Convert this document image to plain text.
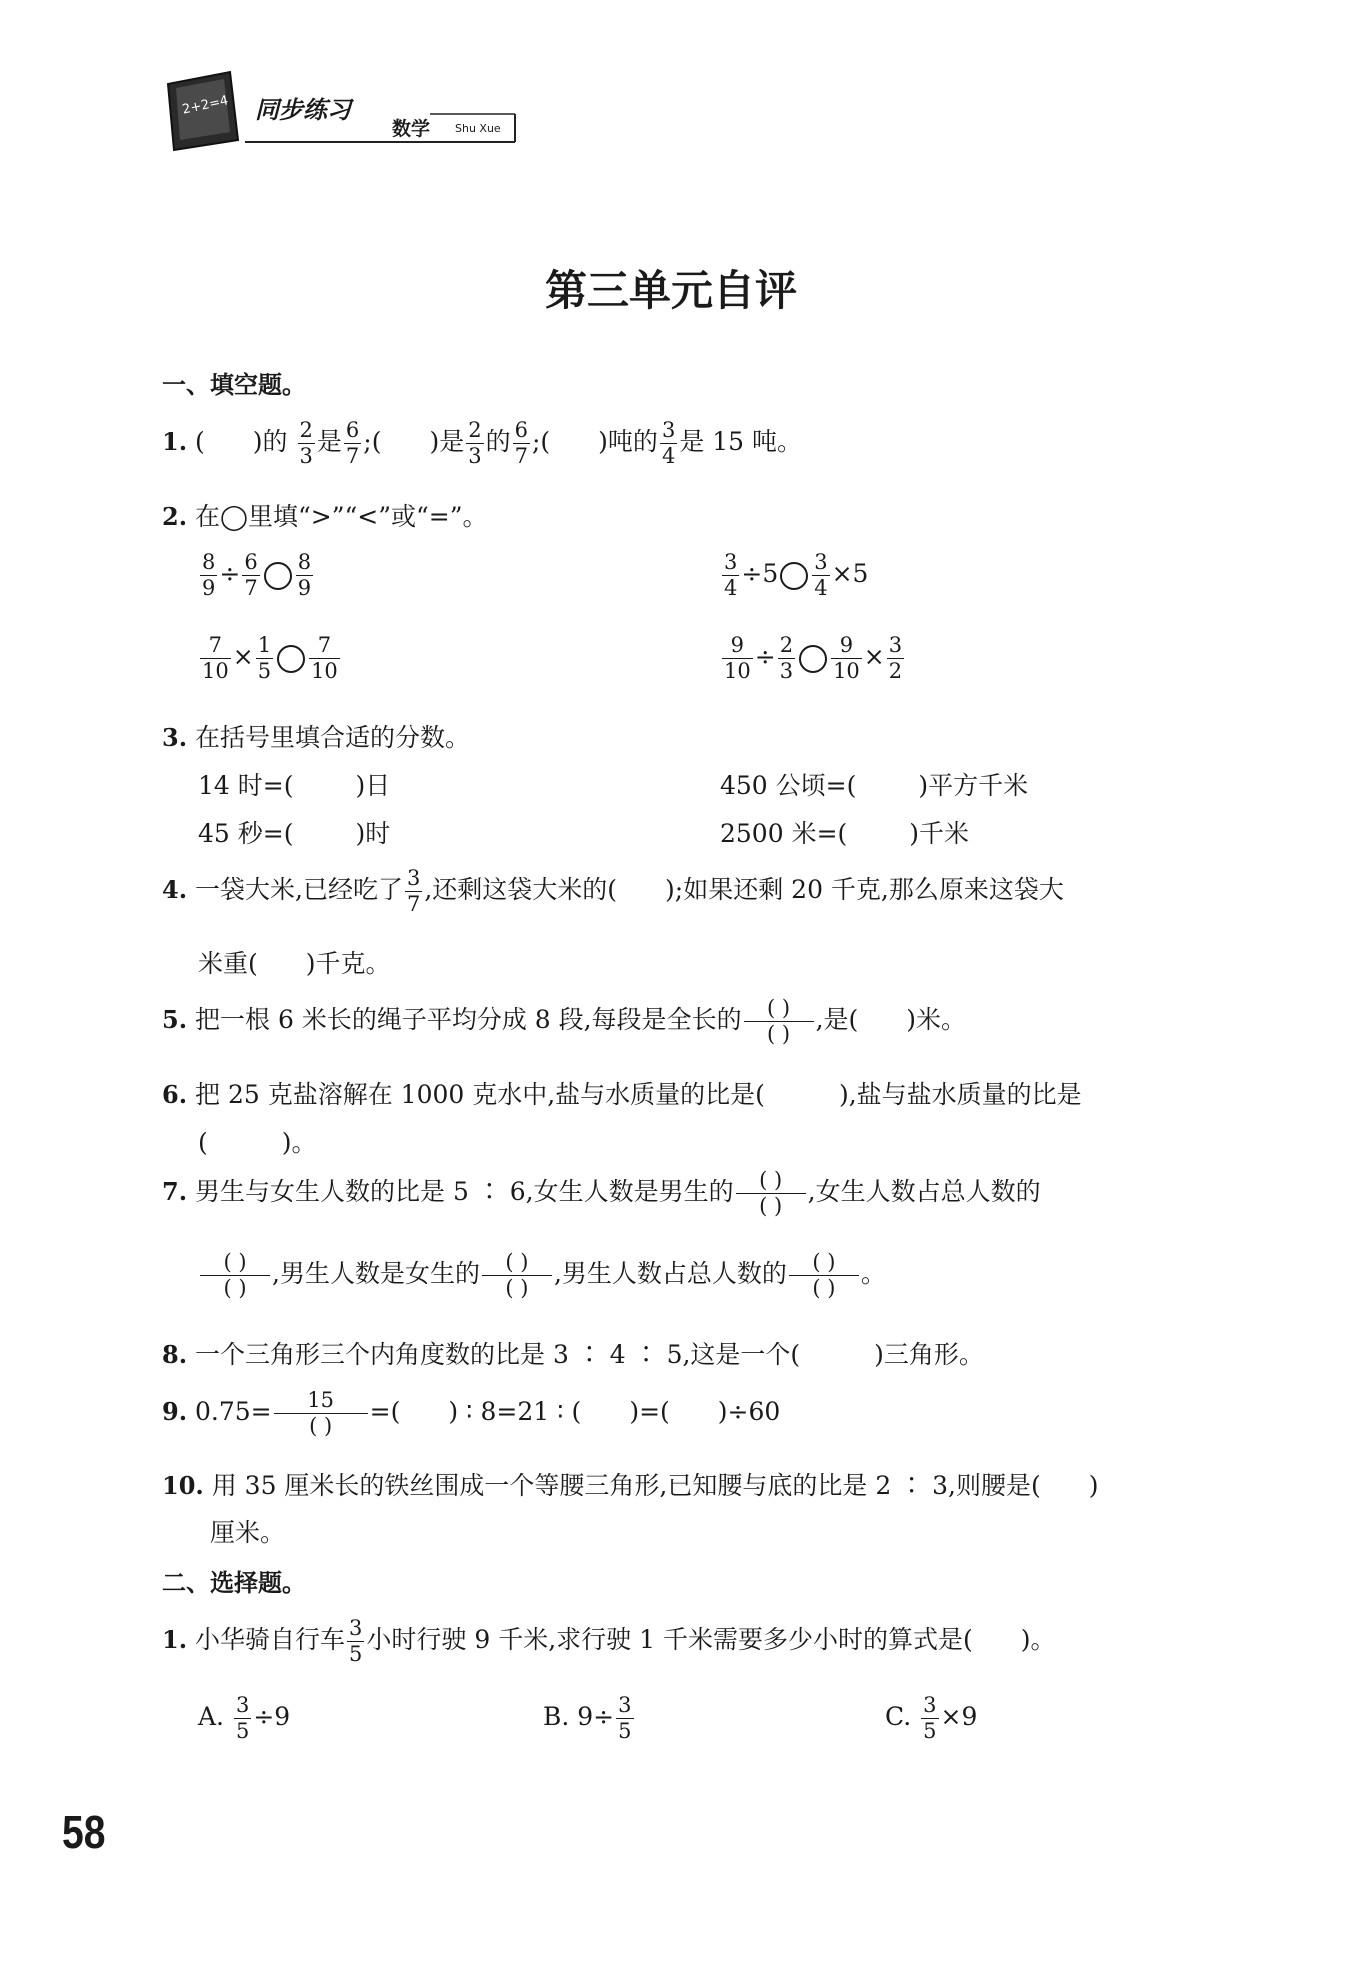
2+2=4 同步练习
数学 Shu Xue
第三单元自评
一、填空题。
1. ( )的 $\frac{2}{3}$ 是 $\frac{6}{7}$ ;( )是 $\frac{2}{3}$ 的 $\frac{6}{7}$ ;( )吨的 $\frac{3}{4}$ 是 15 吨。
2. 在◯里填“>”“<”或“=”。
$\frac{8}{9} \div \frac{6}{7} \frac{8}{9}$	$\frac{3}{4} \div 5 \frac{3}{4} \times 5$
$\frac{7}{10} \times \frac{1}{5} \frac{7}{10}$	$\frac{9}{10} \div \frac{2}{3} \frac{9}{10} \times \frac{3}{2}$
3. 在括号里填合适的分数。
14 时=( )日	450 公顷=( )平方千米
45 秒=( )时	2500 米=( )千米
4. 一袋大米,已经吃了 $\frac{3}{7}$ ,还剩这袋大米的( );如果还剩 20 千克,那么原来这袋大
米重( )千克。
5. 把一根 6 米长的绳子平均分成 8 段,每段是全长的 $\frac{( )}{( )}$ ,是( )米。
6. 把 25 克盐溶解在 1000 克水中,盐与水质量的比是(	),盐与盐水质量的比是
(	)。
7. 男生与女生人数的比是 5 ∶ 6,女生人数是男生的 $\frac{( )}{( )}$ ,女生人数占总人数的
$\frac{( )}{( )}$ ,男生人数是女生的 $\frac{( )}{( )}$ ,男生人数占总人数的 $\frac{( )}{( )}$ 。
8. 一个三角形三个内角度数的比是 3 ∶ 4 ∶ 5,这是一个(	)三角形。
9. $0.75= \frac{15}{( )}$ =( ) ∶ 8=21 ∶ ( )=( )÷60
10. 用 35 厘米长的铁丝围成一个等腰三角形,已知腰与底的比是 2 ∶ 3,则腰是( )
厘米。
二、选择题。
1. 小华骑自行车 $\frac{3}{5}$ 小时行驶 9 千米,求行驶 1 千米需要多少小时的算式是( )。
A. $\frac{3}{5} \div 9$	B. $9\div \frac{3}{5}$	C. $\frac{3}{5} \times 9$
58
